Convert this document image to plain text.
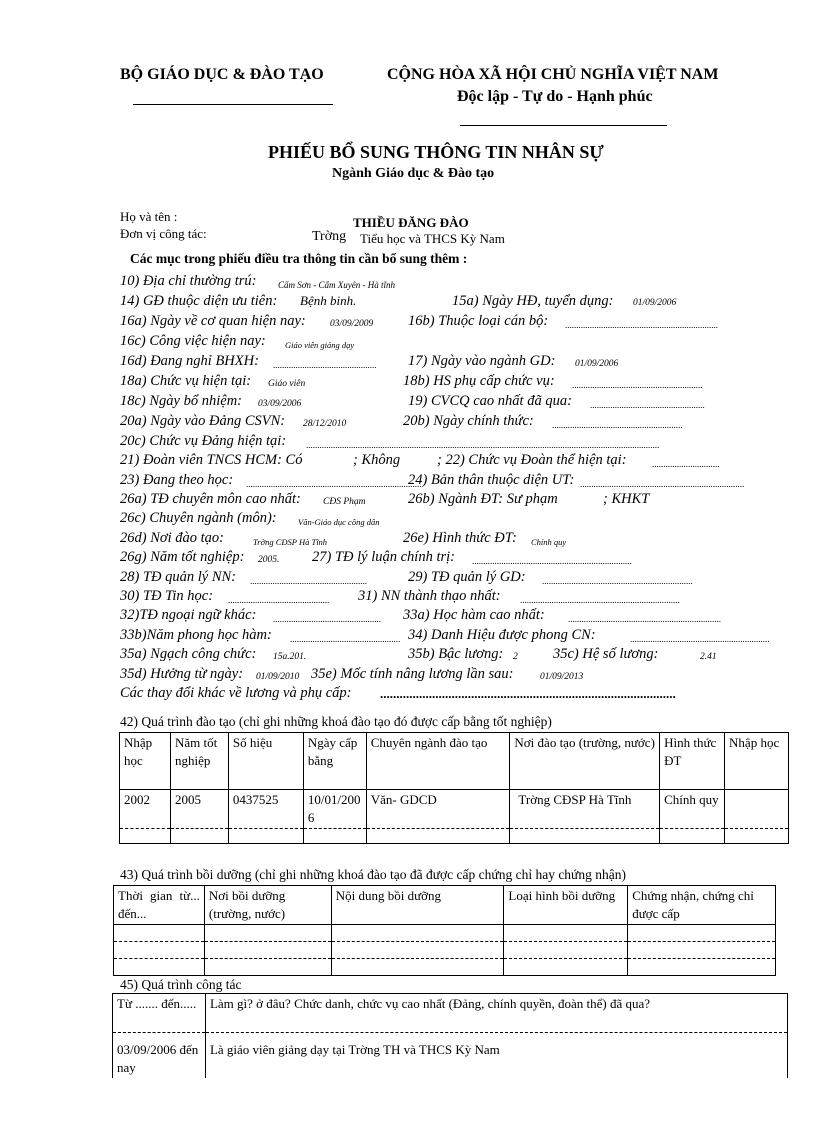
BỘ GIÁO DỤC & ĐÀO TẠO	CỘNG HÒA XÃ HỘI CHỦ NGHĨA VIỆT NAM
Độc lập - Tự do - Hạnh phúc
PHIẾU BỔ SUNG THÔNG TIN NHÂN SỰ
Ngành Giáo dục & Đào tạo
Họ và tên :	THIỀU ĐĂNG ĐÀO
Đơn vị công tác:	Trờng Tiểu học và THCS Kỳ Nam
Các mục trong phiếu điều tra thông tin cần bổ sung thêm :
10) Địa chỉ thường trú: Cẩm Sơn - Cẩm Xuyên - Hà tĩnh
14) GĐ thuộc diện ưu tiên: Bệnh binh.	15a) Ngày HĐ, tuyển dụng: 01/09/2006
16a) Ngày về cơ quan hiện nay:	03/09/2009 16b) Thuộc loại cán bộ: ....................................................................
16c) Công việc hiện nay: Giáo viên giảng dạy
16d) Đang nghỉ BHXH: .............................................. 17) Ngày vào ngành GD: 01/09/2006
18a) Chức vụ hiện tại: Giáo viên	18b) HS phụ cấp chức vụ: ..........................................................
18c) Ngày bổ nhiệm: 03/09/2006	19) CVCQ cao nhất đã qua: ...................................................
20a) Ngày vào Đảng CSVN: 28/12/2010	20b) Ngày chính thức: ..........................................................
20c) Chức vụ Đảng hiện tại: .............................................................................................................................................................
21) Đoàn viên TNCS HCM: Có	; Không	; 22) Chức vụ Đoàn thể hiện tại:	..............................
23) Đang theo học: ..............................................................................
24) Bản thân thuộc diện UT: .........................................................................
26a) TĐ chuyên môn cao nhất: CĐS Phạm	26b) Ngành ĐT: Sư phạm	; KHKT
26c) Chuyên ngành (môn):	Văn-Giáo dục công dân
26d) Nơi đào tạo:	Trờng CĐSP Hà Tĩnh	26e) Hình thức ĐT: Chính quy
26g) Năm tốt nghiệp: 2005. 27) TĐ lý luận chính trị: .......................................................................
28) TĐ quản lý NN: ....................................................	29) TĐ quản lý GD: ...................................................................
30) TĐ Tin học: ............................................. 31) NN thành thạo nhất: .......................................................................
32)TĐ ngoại ngữ khác: ................................................ 33a) Học hàm cao nhất:	....................................................................
33b)Năm phong học hàm: ................................................. 34) Danh Hiệu được phong CN:	..............................................................
35a) Ngạch công chức: 15a.201.	35b) Bậc lương: 2 35c) Hệ số lương:	2.41
35d) Hưởng từ ngày: 01/09/2010 35e) Mốc tính nâng lương lần sau:	01/09/2013
Các thay đổi khác về lương và phụ cấp: ...........................................................................................
42) Quá trình đào tạo (chỉ ghi những khoá đào tạo đó được cấp bằng tốt nghiệp)
Nhập học	Năm tốt nghiệp	Số hiệu	Ngày cấp bằng	Chuyên ngành đào tạo	Nơi đào tạo (trường, nước)	Hình thức ĐT	Nhập học
2002	2005	0437525	10/01/2006	Văn- GDCD	Trờng CĐSP Hà Tĩnh	Chính quy	

43) Quá trình bồi dưỡng (chỉ ghi những khoá đào tạo đã được cấp chứng chỉ hay chứng nhận)
Thời gian từ... đến...	Nơi bồi dưỡng (trường, nước)	Nội dung bồi dưỡng	Loại hình bồi dưỡng	Chứng nhận, chứng chỉ được cấp

45) Quá trình công tác
Từ ....... đến.....	Làm gì? ở đâu? Chức danh, chức vụ cao nhất (Đảng, chính quyền, đoàn thể) đã qua?
03/09/2006 đến nay	Là giáo viên giảng dạy tại Trờng TH và THCS Kỳ Nam
